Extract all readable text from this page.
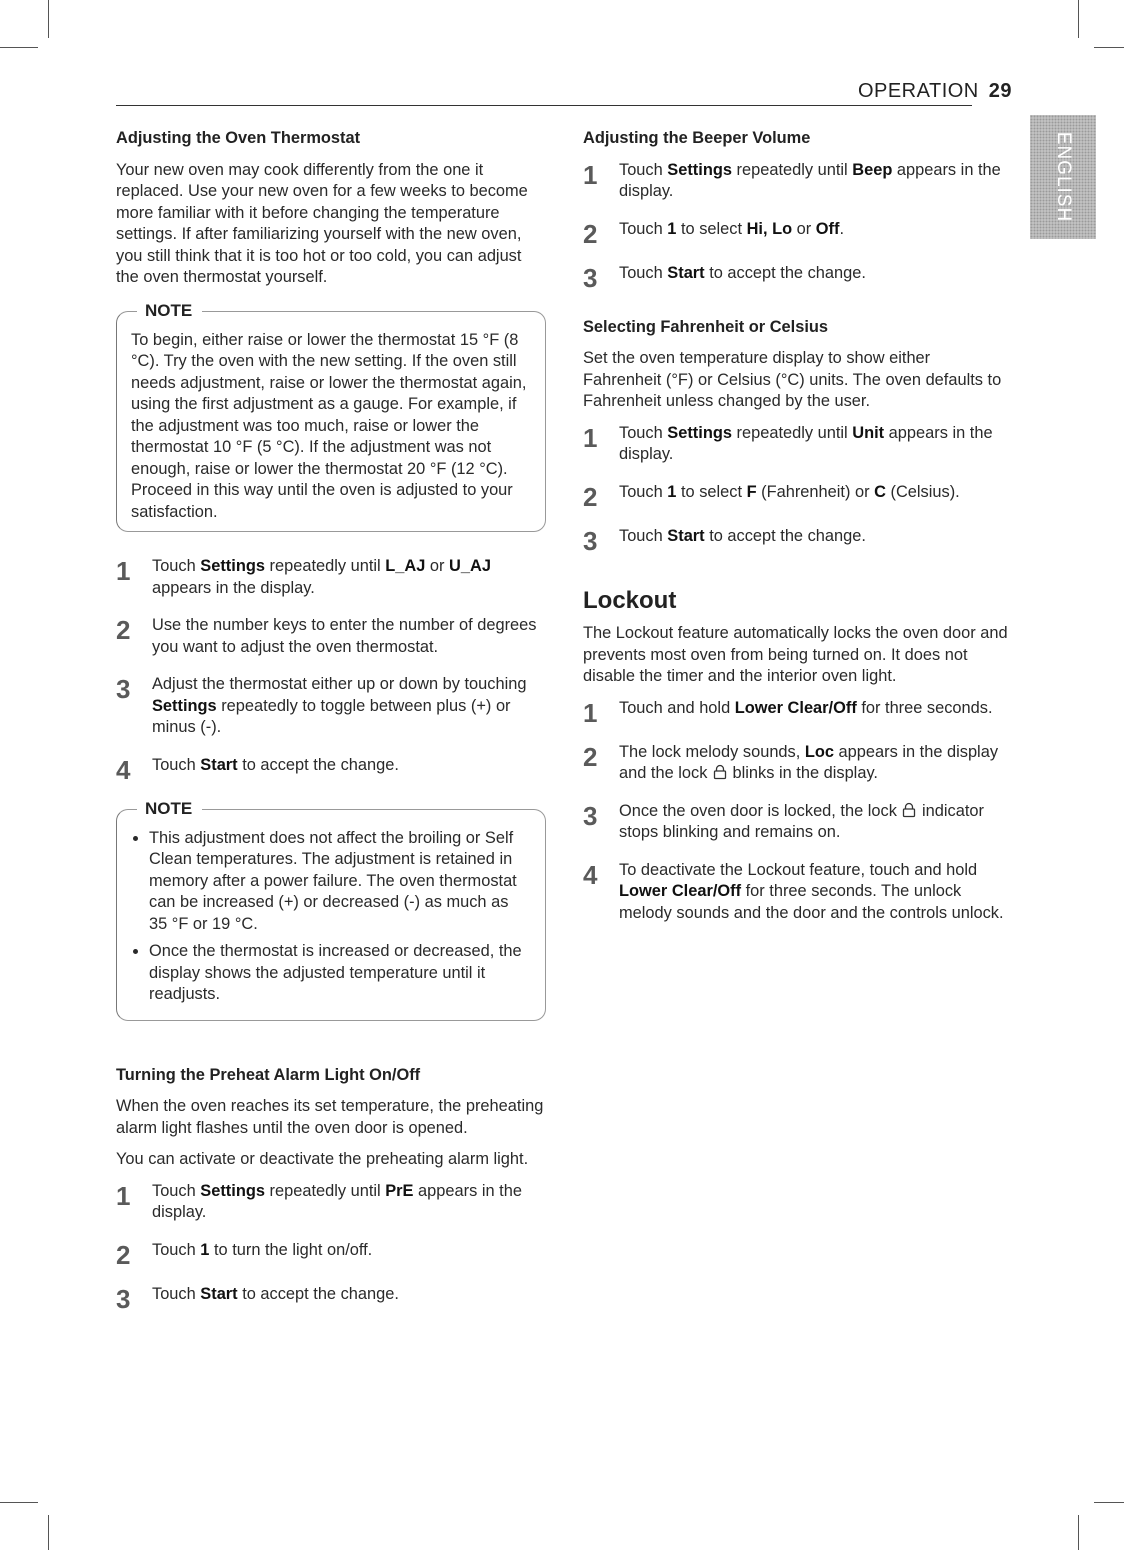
OPERATION 29
ENGLISH
Adjusting the Oven Thermostat

Your new oven may cook differently from the one it replaced. Use your new oven for a few weeks to become more familiar with it before changing the temperature settings. If after familiarizing yourself with the new oven, you still think that it is too hot or too cold, you can adjust the oven thermostat yourself.

NOTE

To begin, either raise or lower the thermostat 15 °F (8 °C). Try the oven with the new setting. If the oven still needs adjustment, raise or lower the thermostat again, using the first adjustment as a gauge. For example, if the adjustment was too much, raise or lower the thermostat 10 °F (5 °C). If the adjustment was not enough, raise or lower the thermostat 20 °F (12 °C). Proceed in this way until the oven is adjusted to your satisfaction.

1	Touch Settings repeatedly until L_AJ or U_AJ appears in the display.
2	Use the number keys to enter the number of degrees you want to adjust the oven thermostat.
3	Adjust the thermostat either up or down by touching Settings repeatedly to toggle between plus (+) or minus (-).
4	Touch Start to accept the change.
NOTE
• This adjustment does not affect the broiling or Self Clean temperatures. The adjustment is retained in memory after a power failure. The oven thermostat can be increased (+) or decreased (-) as much as 35 °F or 19 °C.
• Once the thermostat is increased or decreased, the display shows the adjusted temperature until it readjusts.
Turning the Preheat Alarm Light On/Off

When the oven reaches its set temperature, the preheating alarm light flashes until the oven door is opened.

You can activate or deactivate the preheating alarm light.

1	Touch Settings repeatedly until PrE appears in the display.
2	Touch 1 to turn the light on/off.
3	Touch Start to accept the change.
Adjusting the Beeper Volume
1	Touch Settings repeatedly until Beep appears in the display.
2	Touch 1 to select Hi, Lo or Off.
3	Touch Start to accept the change.
Selecting Fahrenheit or Celsius

Set the oven temperature display to show either Fahrenheit (°F) or Celsius (°C) units. The oven defaults to Fahrenheit unless changed by the user.

1	Touch Settings repeatedly until Unit appears in the display.
2	Touch 1 to select F (Fahrenheit) or C (Celsius).
3	Touch Start to accept the change.
Lockout

The Lockout feature automatically locks the oven door and prevents most oven from being turned on. It does not disable the timer and the interior oven light.

1	Touch and hold Lower Clear/Off for three seconds.
2	The lock melody sounds, Loc appears in the display and the lock  blinks in the display.
3	Once the oven door is locked, the lock  indicator stops blinking and remains on.
4	To deactivate the Lockout feature, touch and hold Lower Clear/Off for three seconds. The unlock melody sounds and the door and the controls unlock.
